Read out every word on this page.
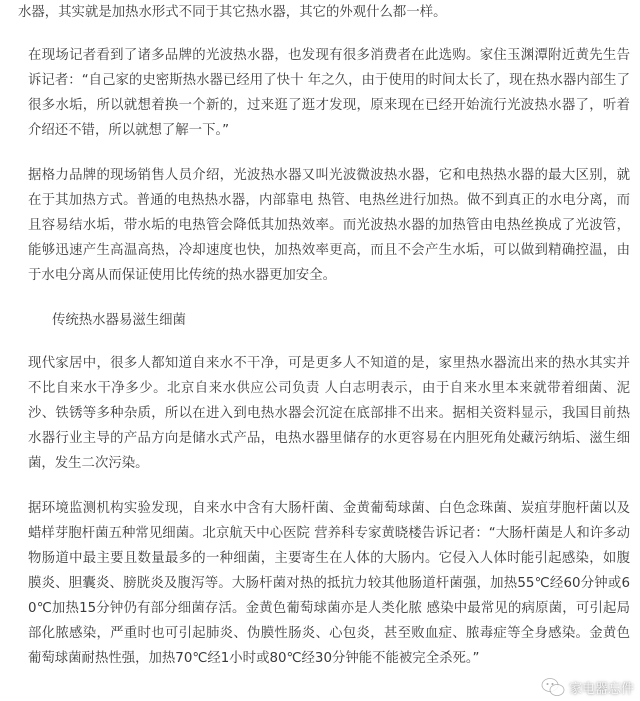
水器，其实就是加热水形式不同于其它热水器，其它的外观什么都一样。

在现场记者看到了诸多品牌的光波热水器，也发现有很多消费者在此选购。家住玉渊潭附近黄先生告诉记者：“自己家的史密斯热水器已经用了快十 年之久，由于使用的时间太长了，现在热水器内部生了很多水垢，所以就想着换一个新的，过来逛了逛才发现，原来现在已经开始流行光波热水器了，听着介绍还不错，所以就想了解一下。”

据格力品牌的现场销售人员介绍，光波热水器又叫光波微波热水器，它和电热热水器的最大区别，就在于其加热方式。普通的电热热水器，内部靠电 热管、电热丝进行加热。做不到真正的水电分离，而且容易结水垢，带水垢的电热管会降低其加热效率。而光波热水器的加热管由电热丝换成了光波管，能够迅速产生高温高热，冷却速度也快，加热效率更高，而且不会产生水垢，可以做到精确控温，由于水电分离从而保证使用比传统的热水器更加安全。

传统热水器易滋生细菌

现代家居中，很多人都知道自来水不干净，可是更多人不知道的是，家里热水器流出来的热水其实并不比自来水干净多少。北京自来水供应公司负责 人白志明表示，由于自来水里本来就带着细菌、泥沙、铁锈等多种杂质，所以在进入到电热水器会沉淀在底部排不出来。据相关资料显示，我国目前热水器行业主导的产品方向是储水式产品，电热水器里储存的水更容易在内胆死角处藏污纳垢、滋生细菌，发生二次污染。

据环境监测机构实验发现，自来水中含有大肠杆菌、金黄葡萄球菌、白色念珠菌、炭疽芽胞杆菌以及蜡样芽胞杆菌五种常见细菌。北京航天中心医院 营养科专家黄晓楼告诉记者：“大肠杆菌是人和许多动物肠道中最主要且数量最多的一种细菌，主要寄生在人体的大肠内。它侵入人体时能引起感染，如腹膜炎、胆囊炎、膀胱炎及腹泻等。大肠杆菌对热的抵抗力较其他肠道杆菌强，加热55℃经60分钟或60℃加热15分钟仍有部分细菌存活。金黄色葡萄球菌亦是人类化脓 感染中最常见的病原菌，可引起局部化脓感染，严重时也可引起肺炎、伪膜性肠炎、心包炎，甚至败血症、脓毒症等全身感染。金黄色葡萄球菌耐热性强，加热70℃经1小时或80℃经30分钟能不能被完全杀死。”

家电器忘件
